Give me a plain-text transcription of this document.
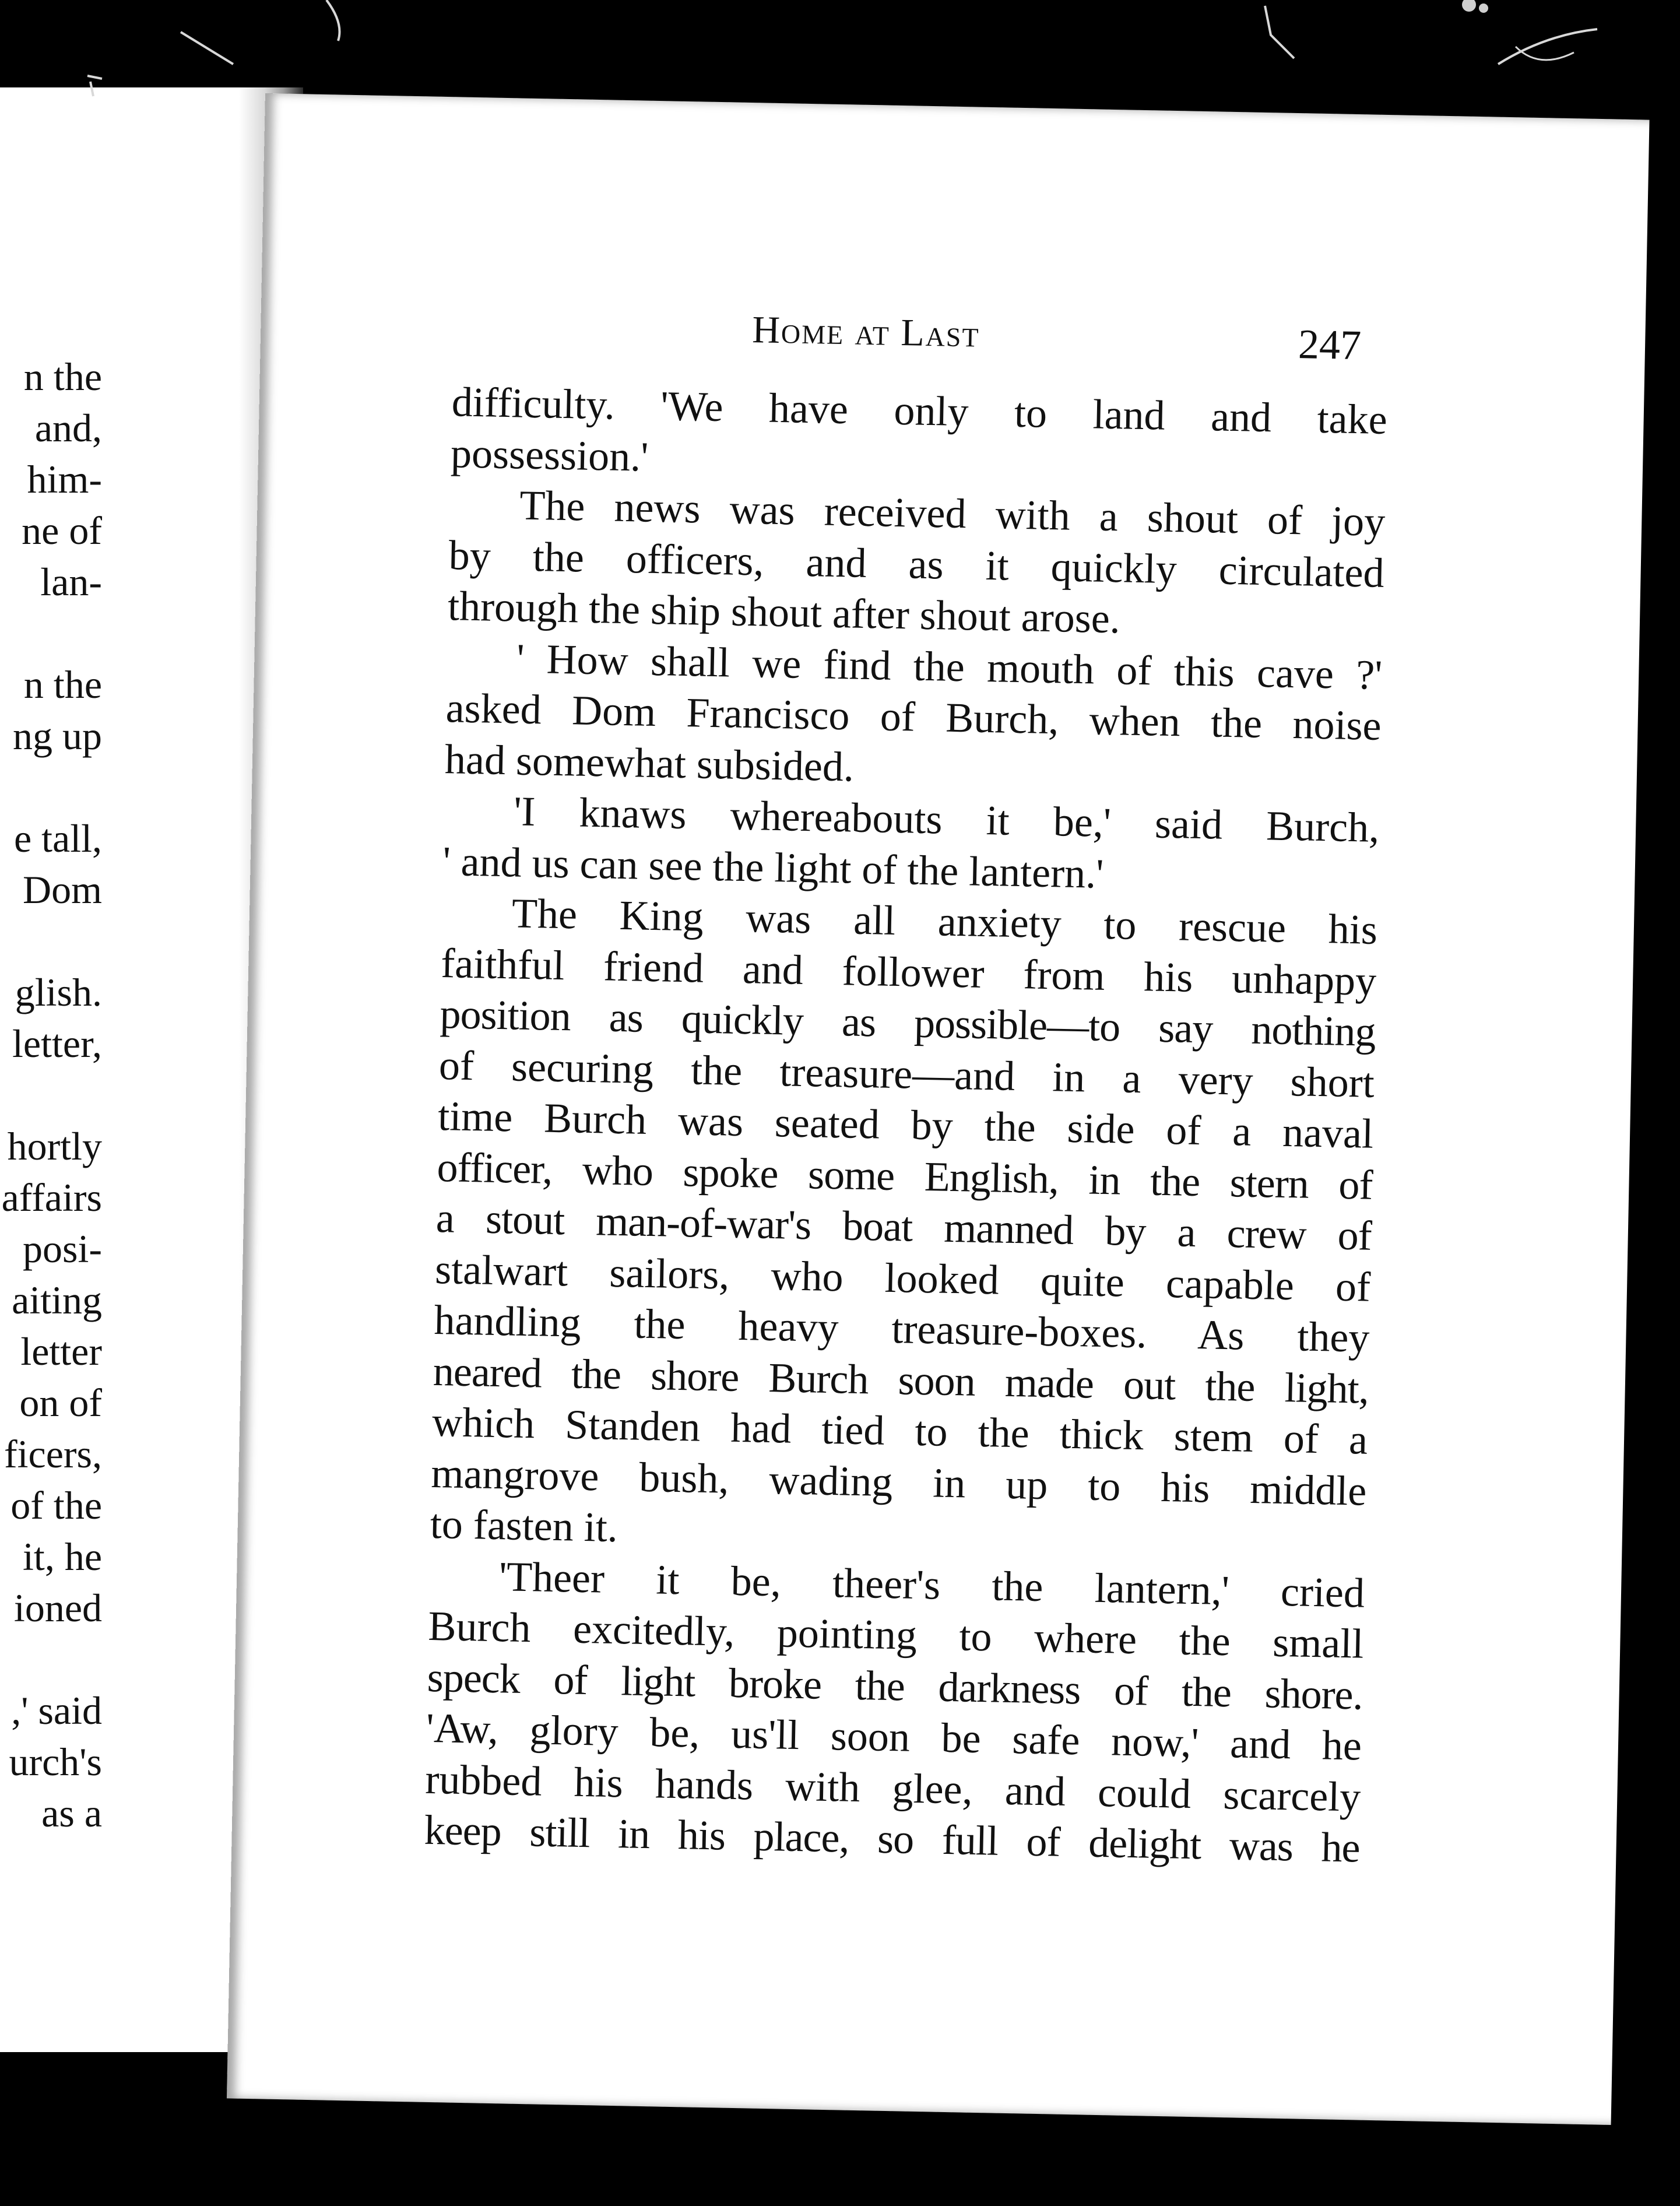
n the
and,
him-
ne of
lan-
n the
ng up
e tall,
Dom
glish.
letter,
hortly
affairs
posi-
aiting
letter
on of
ficers,
of the
it, he
ioned
,' said
urch's
as a
Home at Last	247
difficulty. 'We have only to land and take
possession.'
The news was received with a shout of joy
by the officers, and as it quickly circulated
through the ship shout after shout arose.
' How shall we find the mouth of this cave ?'
asked Dom Francisco of Burch, when the noise
had somewhat subsided.
'I knaws whereabouts it be,' said Burch,
' and us can see the light of the lantern.'
The King was all anxiety to rescue his
faithful friend and follower from his unhappy
position as quickly as possible—to say nothing
of securing the treasure—and in a very short
time Burch was seated by the side of a naval
officer, who spoke some English, in the stern of
a stout man-of-war's boat manned by a crew of
stalwart sailors, who looked quite capable of
handling the heavy treasure-boxes. As they
neared the shore Burch soon made out the light,
which Standen had tied to the thick stem of a
mangrove bush, wading in up to his middle
to fasten it.
'Theer it be, theer's the lantern,' cried
Burch excitedly, pointing to where the small
speck of light broke the darkness of the shore.
'Aw, glory be, us'll soon be safe now,' and he
rubbed his hands with glee, and could scarcely
keep still in his place, so full of delight was he
